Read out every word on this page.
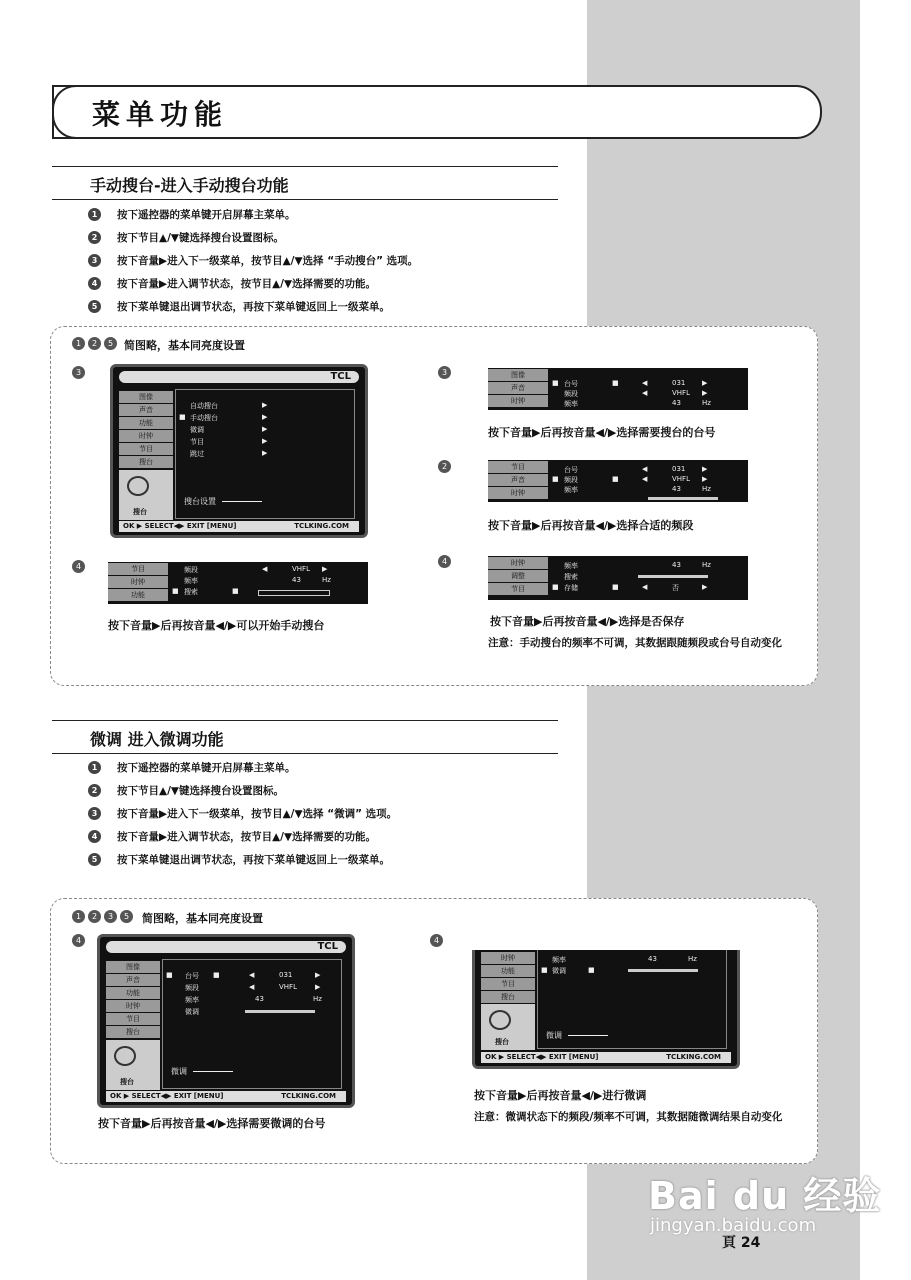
菜单功能
手动搜台-进入手动搜台功能
1	按下遥控器的菜单键开启屏幕主菜单。
2	按下节目▲/▼键选择搜台设置图标。
3	按下音量▶进入下一级菜单，按节目▲/▼选择 “手动搜台” 选项。
4	按下音量▶进入调节状态，按节目▲/▼选择需要的功能。
5	按下菜单键退出调节状态，再按下菜单键返回上一级菜单。
1	2	5 简图略，基本同亮度设置
3	TCL
图像
声音
功能
时钟
节目
搜台
搜台
自动搜台	▶
■ 手动搜台	▶
微调	▶
节目	▶
跳过	▶
搜台设置
OK ▶ SELECT◀▶ EXIT [MENU]	TCLKING.COM
3	图像
声音
时钟
■ 台号	■	◀	031 ▶
频段	◀	VHFL ▶
频率	43	Hz
按下音量▶后再按音量◀/▶选择需要搜台的台号
2	节目
声音
时钟
台号	◀	031 ▶
■ 频段	■	◀	VHFL ▶
频率	43	Hz
按下音量▶后再按音量◀/▶选择合适的频段
4	节目
时钟
功能
频段	◀	VHFL ▶
频率	43	Hz
■ 搜索	■
按下音量▶后再按音量◀/▶可以开始手动搜台
4	时钟
调整
节目
频率	43	Hz
搜索
■ 存储	■	◀	否	▶
按下音量▶后再按音量◀/▶选择是否保存
注意：手动搜台的频率不可调，其数据跟随频段或台号自动变化
微调 进入微调功能
1	按下遥控器的菜单键开启屏幕主菜单。
2	按下节目▲/▼键选择搜台设置图标。
3	按下音量▶进入下一级菜单，按节目▲/▼选择 “微调” 选项。
4	按下音量▶进入调节状态，按节目▲/▼选择需要的功能。
5	按下菜单键退出调节状态，再按下菜单键返回上一级菜单。
1	2	3	5	简图略，基本同亮度设置
4
TCL
图像
声音
功能
时钟
节目
搜台
搜台
■ 台号 ■	◀	031	▶
频段	◀	VHFL	▶
频率	43	Hz
微调
微调
OK ▶ SELECT◀▶ EXIT [MENU]	TCLKING.COM
按下音量▶后再按音量◀/▶选择需要微调的台号
4
时钟
功能
节目
搜台
搜台
频率	43	Hz
■ 微调	■
微调
OK ▶ SELECT◀▶ EXIT [MENU]	TCLKING.COM
按下音量▶后再按音量◀/▶进行微调
注意：微调状态下的频段/频率不可调，其数据随微调结果自动变化
Bai du 经验
jingyan.baidu.com
頁 24
